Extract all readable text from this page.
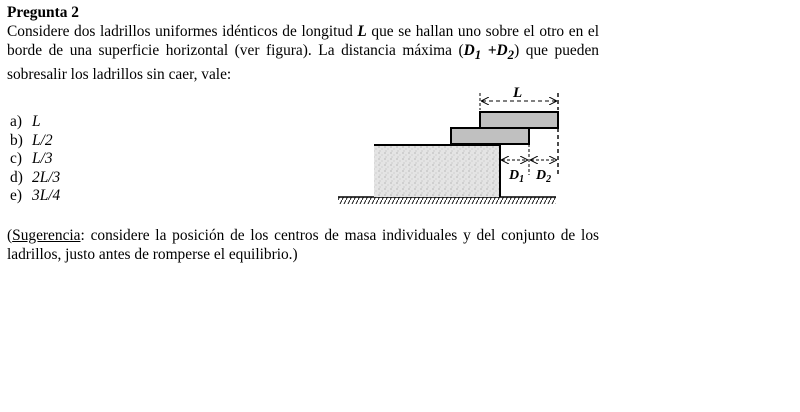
Pregunta 2
Considere dos ladrillos uniformes idénticos de longitud L que se hallan uno sobre el otro en el borde de una superficie horizontal (ver figura). La distancia máxima $(D_1 +D_2)$ que pueden sobresalir los ladrillos sin caer, vale:
a) L
b) L/2
c) L/3
d) 2L/3
e) 3L/4
L
$D_1$ $D_2$
(Sugerencia: considere la posición de los centros de masa individuales y del conjunto de los ladrillos, justo antes de romperse el equilibrio.)
